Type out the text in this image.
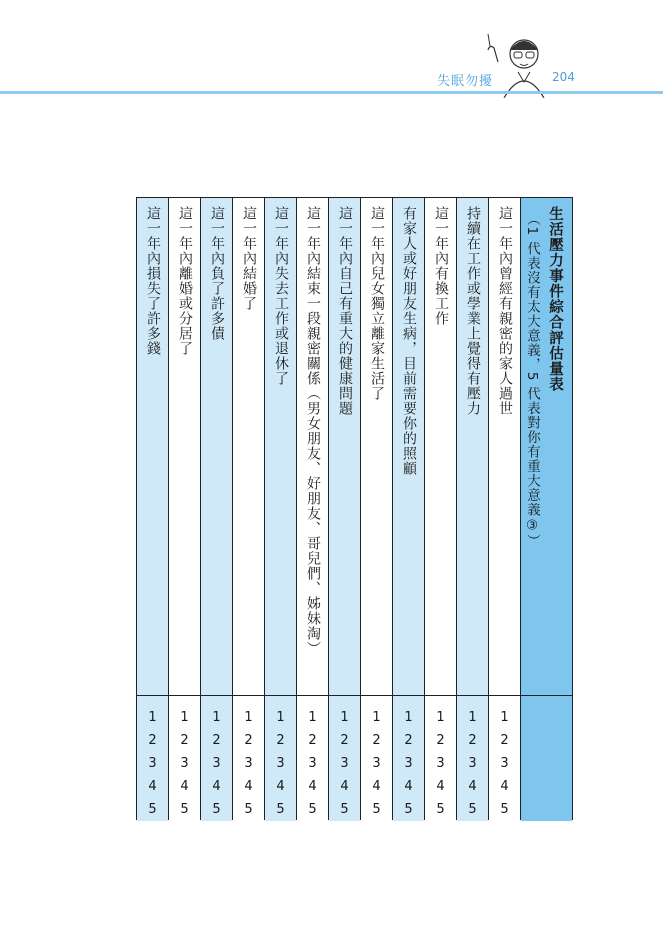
失眠勿擾	204
生活壓力事件綜合評估量表
（1 代表沒有太大意義，5 代表對你有重大意義③）
這一年內曾經有親密的家人過世
1
2
3
4
5
持續在工作或學業上覺得有壓力
1
2
3
4
5
這一年內有換工作
1
2
3
4
5
有家人或好朋友生病，目前需要你的照顧
1
2
3
4
5
這一年內兒女獨立離家生活了
1
2
3
4
5
這一年內自己有重大的健康問題
1
2
3
4
5
這一年內結束一段親密關係（男女朋友、好朋友、哥兒們、姊妹淘）
1
2
3
4
5
這一年內失去工作或退休了
1
2
3
4
5
這一年內結婚了
1
2
3
4
5
這一年內負了許多債
1
2
3
4
5
這一年內離婚或分居了
1
2
3
4
5
這一年內損失了許多錢
1
2
3
4
5
